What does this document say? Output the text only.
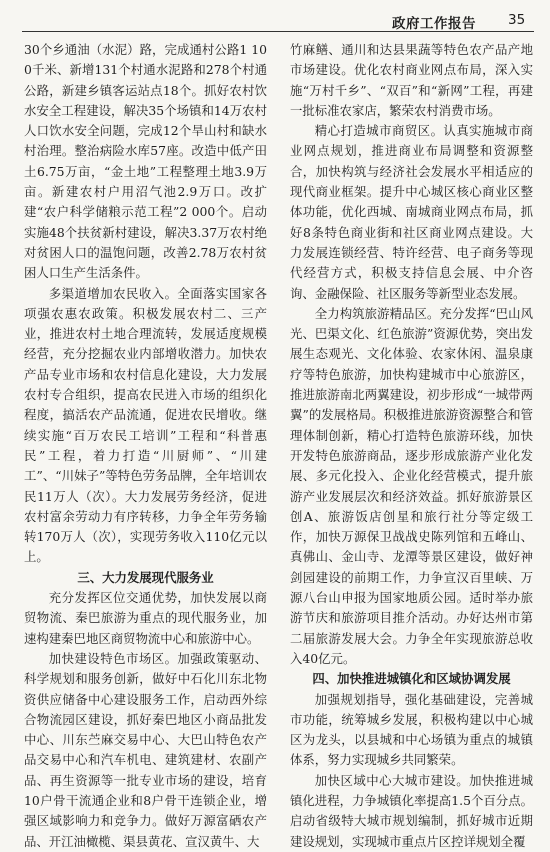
政府工作报告 35

30个乡通油（水泥）路，完成通村公路1 100千米、新增131个村通水泥路和278个村通公路，新建乡镇客运站点18个。抓好农村饮水安全工程建设，解决35个场镇和14万农村人口饮水安全问题，完成12个旱山村和缺水村治理。整治病险水库57座。改造中低产田土6.75万亩，“金土地”工程整理土地3.9万亩。新建农村户用沼气池2.9万口。改扩建“农户科学储粮示范工程”2 000个。启动实施48个扶贫新村建设，解决3.37万农村绝对贫困人口的温饱问题，改善2.78万农村贫困人口生产生活条件。

多渠道增加农民收入。全面落实国家各项强农惠农政策。积极发展农村二、三产业，推进农村土地合理流转，发展适度规模经营，充分挖掘农业内部增收潜力。加快农产品专业市场和农村信息化建设，大力发展农村专合组织，提高农民进入市场的组织化程度，搞活农产品流通，促进农民增收。继续实施“百万农民工培训”工程和“科普惠民”工程，着力打造“川厨师”、“川建工”、“川妹子”等特色劳务品牌，全年培训农民11万人（次）。大力发展劳务经济，促进农村富余劳动力有序转移，力争全年劳务输转170万人（次），实现劳务收入110亿元以上。

三、大力发展现代服务业

充分发挥区位交通优势，加快发展以商贸物流、秦巴旅游为重点的现代服务业，加速构建秦巴地区商贸物流中心和旅游中心。

加快建设特色市场区。加强政策驱动、科学规划和服务创新，做好中石化川东北物资供应储备中心建设服务工作，启动西外综合物流园区建设，抓好秦巴地区小商品批发中心、川东苎麻交易中心、大巴山特色农产品交易中心和汽车机电、建筑建材、农副产品、再生资源等一批专业市场的建设，培育10户骨干流通企业和8户骨干连锁企业，增强区域影响力和竞争力。做好万源富硒农产品、开江油橄榄、渠县黄花、宣汉黄牛、大

竹麻鳝、通川和达县果蔬等特色农产品产地市场建设。优化农村商业网点布局，深入实施“万村千乡”、“双百”和“新网”工程，再建一批标准农家店，繁荣农村消费市场。

精心打造城市商贸区。认真实施城市商业网点规划，推进商业布局调整和资源整合，加快构筑与经济社会发展水平相适应的现代商业框架。提升中心城区核心商业区整体功能，优化西城、南城商业网点布局，抓好8条特色商业街和社区商业网点建设。大力发展连锁经营、特许经营、电子商务等现代经营方式，积极支持信息会展、中介咨询、金融保险、社区服务等新型业态发展。

全力构筑旅游精品区。充分发挥“巴山风光、巴渠文化、红色旅游”资源优势，突出发展生态观光、文化体验、农家休闲、温泉康疗等特色旅游，加快构建城市中心旅游区，推进旅游南北两翼建设，初步形成“一城带两翼”的发展格局。积极推进旅游资源整合和管理体制创新，精心打造特色旅游环线，加快开发特色旅游商品，逐步形成旅游产业化发展、多元化投入、企业化经营模式，提升旅游产业发展层次和经济效益。抓好旅游景区创A、旅游饭店创星和旅行社分等定级工作，加快万源保卫战战史陈列馆和五峰山、真佛山、金山寺、龙潭等景区建设，做好神剑园建设的前期工作，力争宣汉百里峡、万源八台山申报为国家地质公园。适时举办旅游节庆和旅游项目推介活动。办好达州市第二届旅游发展大会。力争全年实现旅游总收入40亿元。

四、加快推进城镇化和区域协调发展

加强规划指导，强化基础建设，完善城市功能，统筹城乡发展，积极构建以中心城区为龙头，以县城和中心场镇为重点的城镇体系，努力实现城乡共同繁荣。

加快区域中心大城市建设。加快推进城镇化进程，力争城镇化率提高1.5个百分点。启动省级特大城市规划编制，抓好城市近期建设规划，实现城市重点片区控详规划全覆
